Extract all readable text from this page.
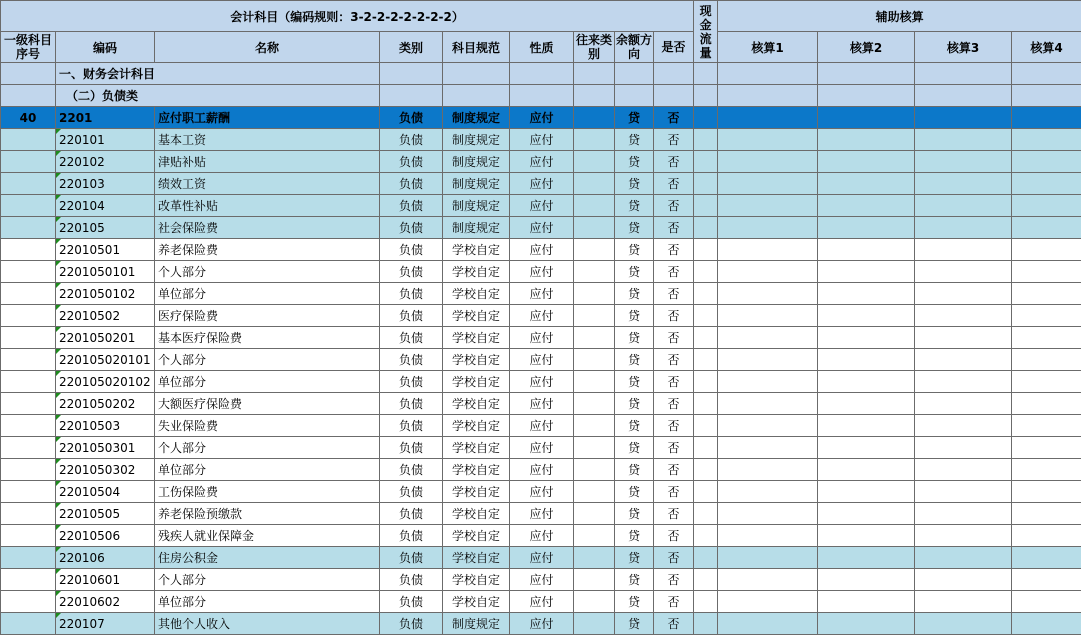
会计科目（编码规则：3-2-2-2-2-2-2-2）									现金流量	辅助核算				
一级科目序号	编码	名称	类别	科目规范	性质	往来类别	余额方向	是否		核算1	核算2	核算3	核算4	
	一、财务会计科目													
	（二）负债类													
40	2201	应付职工薪酬	负债	制度规定	应付		贷	否						
	220101	基本工资	负债	制度规定	应付		贷	否						
	220102	津贴补贴	负债	制度规定	应付		贷	否						
	220103	绩效工资	负债	制度规定	应付		贷	否						
	220104	改革性补贴	负债	制度规定	应付		贷	否						
	220105	社会保险费	负债	制度规定	应付		贷	否						
	22010501	养老保险费	负债	学校自定	应付		贷	否						
	2201050101	个人部分	负债	学校自定	应付		贷	否						
	2201050102	单位部分	负债	学校自定	应付		贷	否						
	22010502	医疗保险费	负债	学校自定	应付		贷	否						
	2201050201	基本医疗保险费	负债	学校自定	应付		贷	否						
	220105020101	个人部分	负债	学校自定	应付		贷	否						
	220105020102	单位部分	负债	学校自定	应付		贷	否						
	2201050202	大额医疗保险费	负债	学校自定	应付		贷	否						
	22010503	失业保险费	负债	学校自定	应付		贷	否						
	2201050301	个人部分	负债	学校自定	应付		贷	否						
	2201050302	单位部分	负债	学校自定	应付		贷	否						
	22010504	工伤保险费	负债	学校自定	应付		贷	否						
	22010505	养老保险预缴款	负债	学校自定	应付		贷	否						
	22010506	残疾人就业保障金	负债	学校自定	应付		贷	否						
	220106	住房公积金	负债	学校自定	应付		贷	否						
	22010601	个人部分	负债	学校自定	应付		贷	否						
	22010602	单位部分	负债	学校自定	应付		贷	否						
	220107	其他个人收入	负债	制度规定	应付		贷	否						
